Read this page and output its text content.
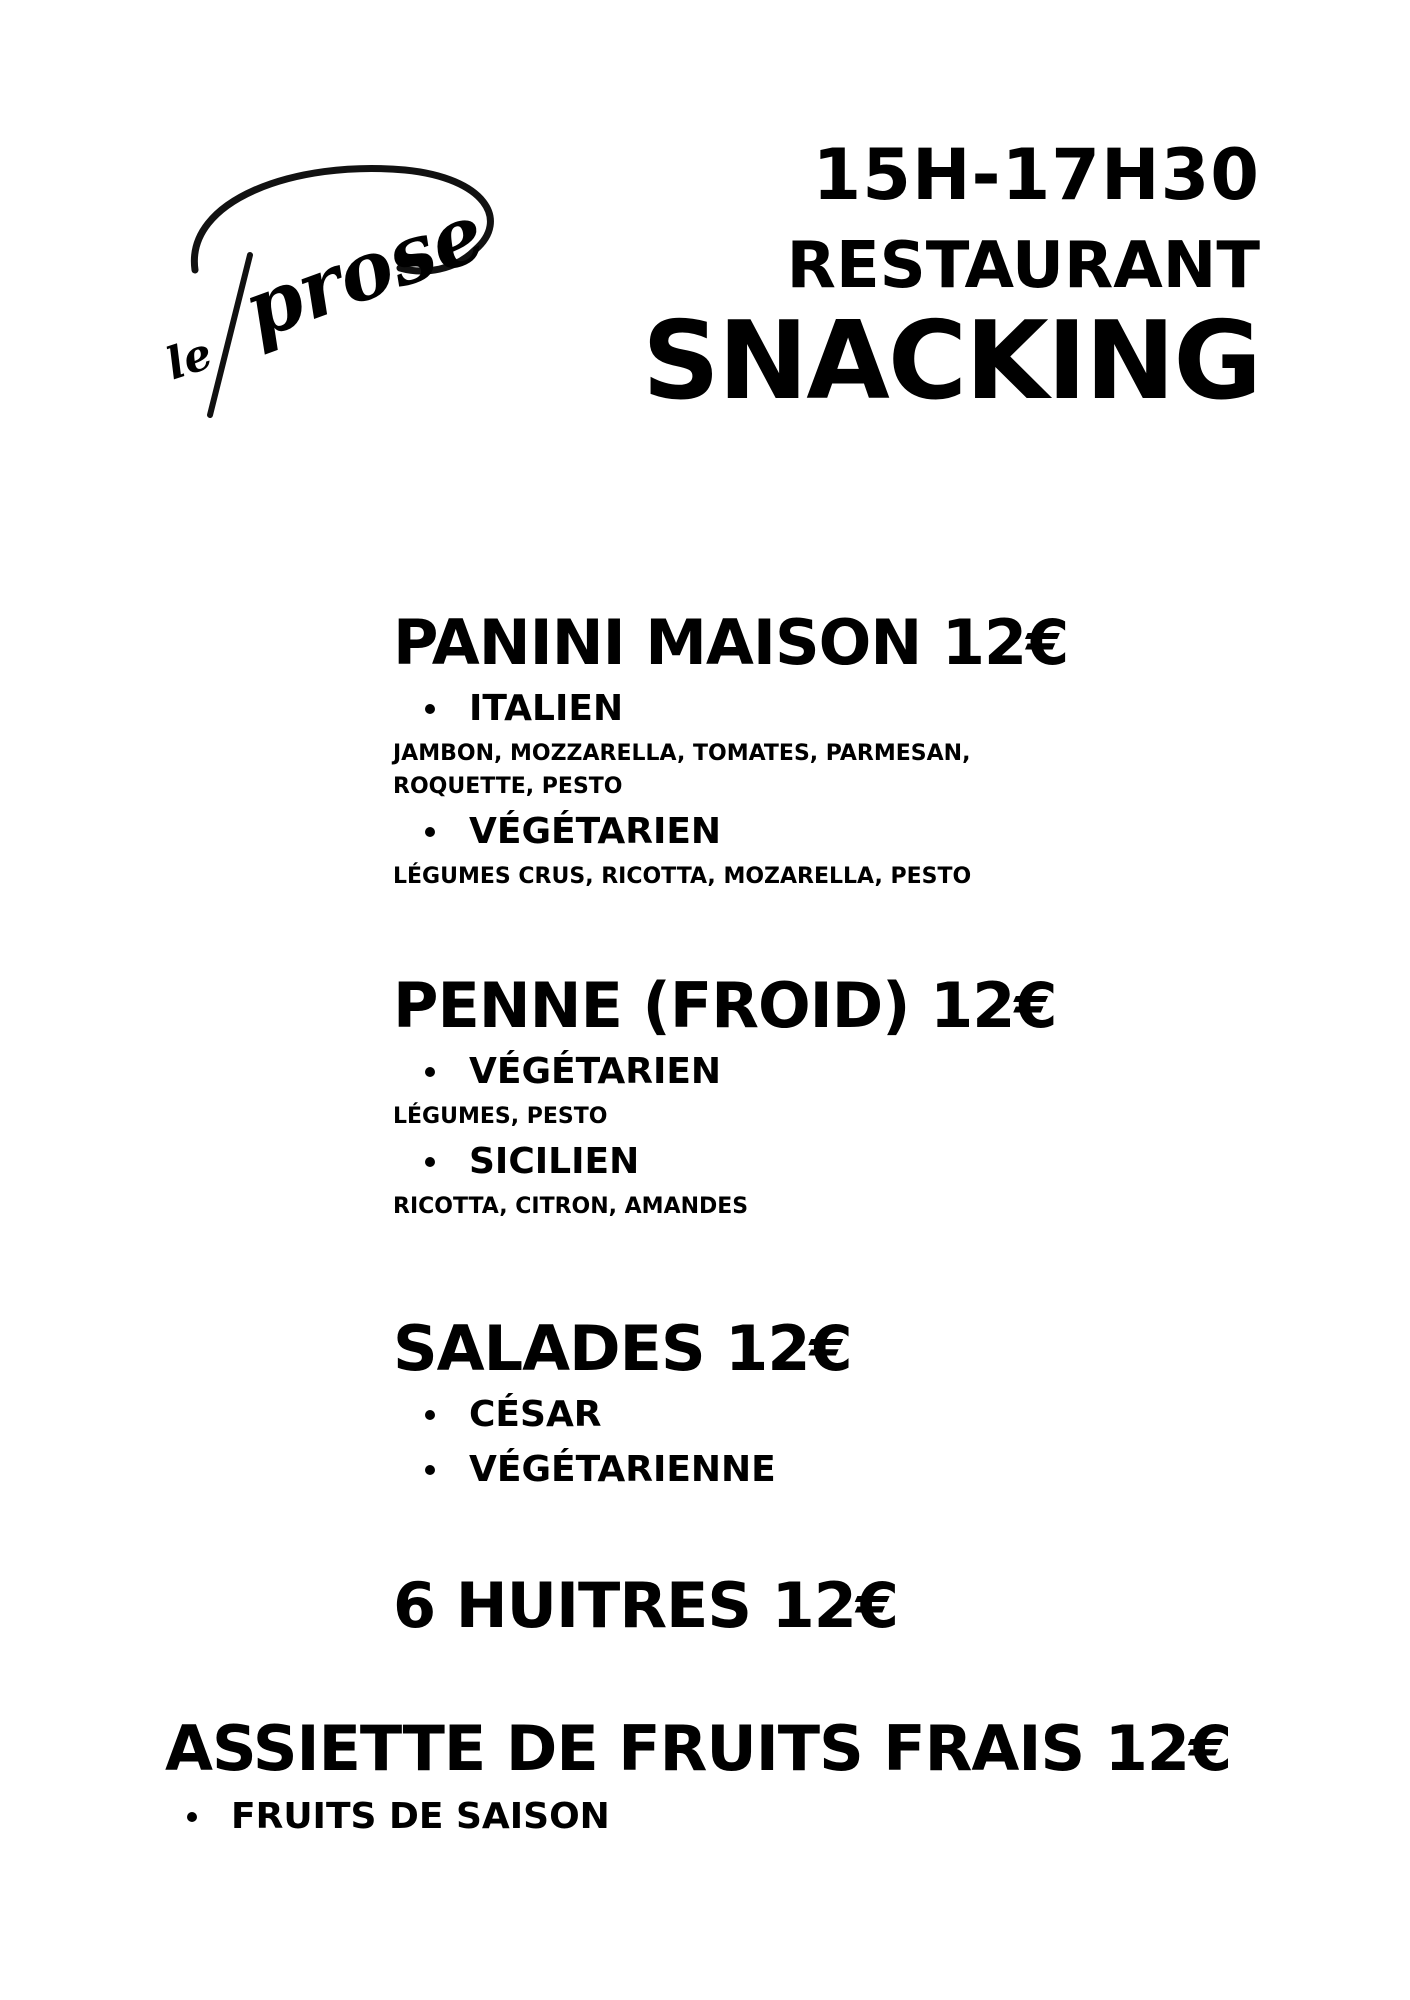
le
prose
15H-17H30
RESTAURANT
SNACKING
PANINI MAISON 12€
ITALIEN
JAMBON, MOZZARELLA, TOMATES, PARMESAN,
ROQUETTE, PESTO
VÉGÉTARIEN
LÉGUMES CRUS, RICOTTA, MOZARELLA, PESTO
PENNE (FROID) 12€
VÉGÉTARIEN
LÉGUMES, PESTO
SICILIEN
RICOTTA, CITRON, AMANDES
SALADES 12€
CÉSAR
VÉGÉTARIENNE
6 HUITRES 12€
ASSIETTE DE FRUITS FRAIS 12€
FRUITS DE SAISON
